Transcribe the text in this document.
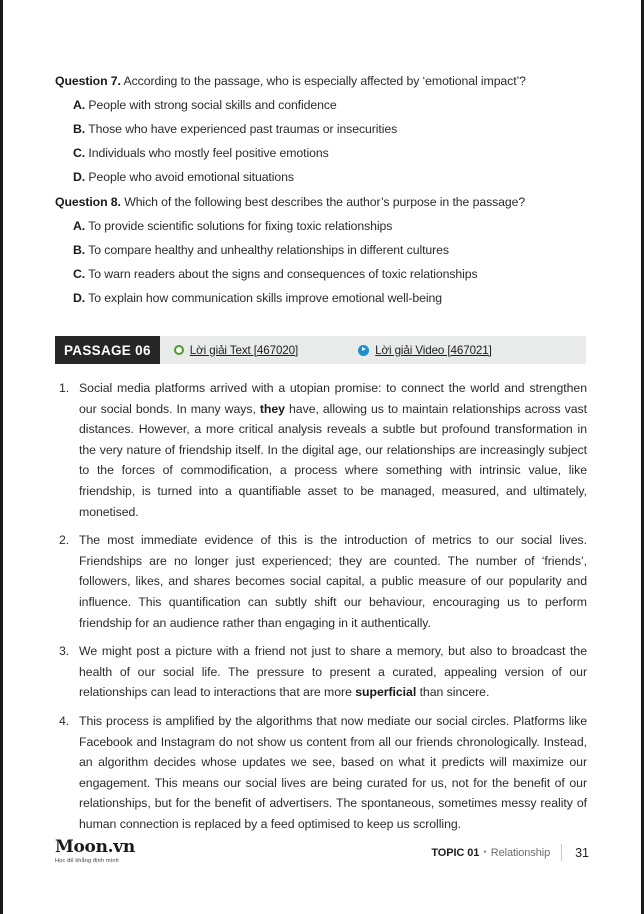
Question 7. According to the passage, who is especially affected by ‘emotional impact’?

A. People with strong social skills and confidence

B. Those who have experienced past traumas or insecurities

C. Individuals who mostly feel positive emotions

D. People who avoid emotional situations

Question 8. Which of the following best describes the author’s purpose in the passage?

A. To provide scientific solutions for fixing toxic relationships

B. To compare healthy and unhealthy relationships in different cultures

C. To warn readers about the signs and consequences of toxic relationships

D. To explain how communication skills improve emotional well-being

PASSAGE 06	Lời giải Text [467020]	Lời giải Video [467021]
1. Social media platforms arrived with a utopian promise: to connect the world and strengthen our social bonds. In many ways, they have, allowing us to maintain relationships across vast distances. However, a more critical analysis reveals a subtle but profound transformation in the very nature of friendship itself. In the digital age, our relationships are increasingly subject to the forces of commodification, a process where something with intrinsic value, like friendship, is turned into a quantifiable asset to be managed, measured, and ultimately, monetised.
2. The most immediate evidence of this is the introduction of metrics to our social lives. Friendships are no longer just experienced; they are counted. The number of ‘friends’, followers, likes, and shares becomes social capital, a public measure of our popularity and influence. This quantification can subtly shift our behaviour, encouraging us to perform friendship for an audience rather than engaging in it authentically.
3. We might post a picture with a friend not just to share a memory, but also to broadcast the health of our social life. The pressure to present a curated, appealing version of our relationships can lead to interactions that are more superficial than sincere.
4. This process is amplified by the algorithms that now mediate our social circles. Platforms like Facebook and Instagram do not show us content from all our friends chronologically. Instead, an algorithm decides whose updates we see, based on what it predicts will maximize our engagement. This means our social lives are being curated for us, not for the benefit of our relationships, but for the benefit of advertisers. The spontaneous, sometimes messy reality of human connection is replaced by a feed optimised to keep us scrolling.
Moon.vn
Học để khẳng định mình
TOPIC 01 • Relationship 31
